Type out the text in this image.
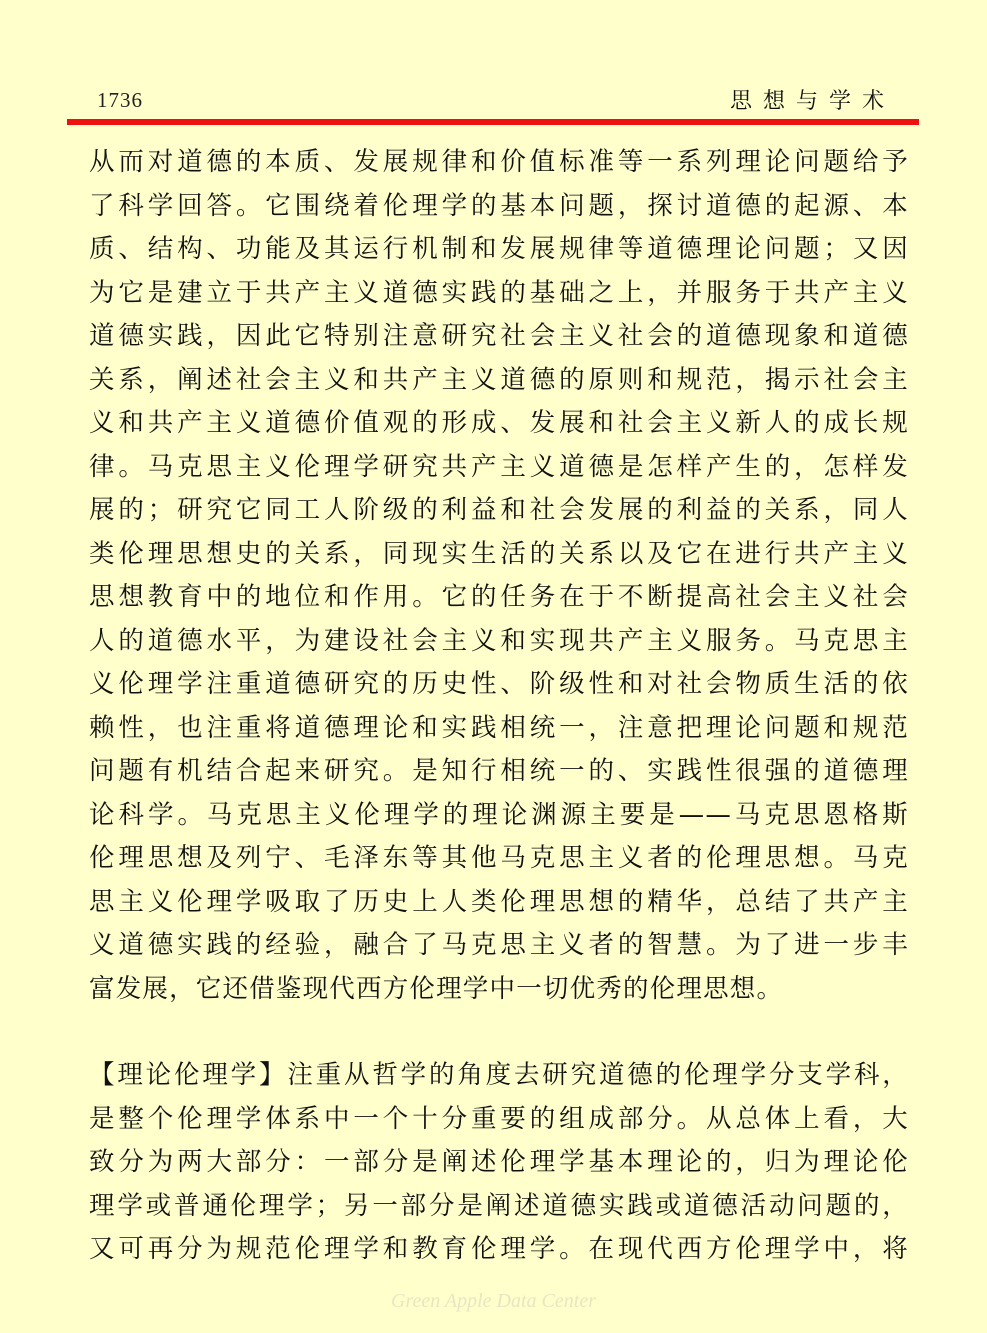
1736	思想与学术
从而对道德的本质、发展规律和价值标准等一系列理论问题给予
了科学回答。它围绕着伦理学的基本问题，探讨道德的起源、本
质、结构、功能及其运行机制和发展规律等道德理论问题；又因
为它是建立于共产主义道德实践的基础之上，并服务于共产主义
道德实践，因此它特别注意研究社会主义社会的道德现象和道德
关系，阐述社会主义和共产主义道德的原则和规范，揭示社会主
义和共产主义道德价值观的形成、发展和社会主义新人的成长规
律。马克思主义伦理学研究共产主义道德是怎样产生的，怎样发
展的；研究它同工人阶级的利益和社会发展的利益的关系，同人
类伦理思想史的关系，同现实生活的关系以及它在进行共产主义
思想教育中的地位和作用。它的任务在于不断提高社会主义社会
人的道德水平，为建设社会主义和实现共产主义服务。马克思主
义伦理学注重道德研究的历史性、阶级性和对社会物质生活的依
赖性，也注重将道德理论和实践相统一，注意把理论问题和规范
问题有机结合起来研究。是知行相统一的、实践性很强的道德理
论科学。马克思主义伦理学的理论渊源主要是——马克思恩格斯
伦理思想及列宁、毛泽东等其他马克思主义者的伦理思想。马克
思主义伦理学吸取了历史上人类伦理思想的精华，总结了共产主
义道德实践的经验，融合了马克思主义者的智慧。为了进一步丰
富发展，它还借鉴现代西方伦理学中一切优秀的伦理思想。
【理论伦理学】注重从哲学的角度去研究道德的伦理学分支学科，
是整个伦理学体系中一个十分重要的组成部分。从总体上看，大
致分为两大部分：一部分是阐述伦理学基本理论的，归为理论伦
理学或普通伦理学；另一部分是阐述道德实践或道德活动问题的，
又可再分为规范伦理学和教育伦理学。在现代西方伦理学中，将
Green Apple Data Center
